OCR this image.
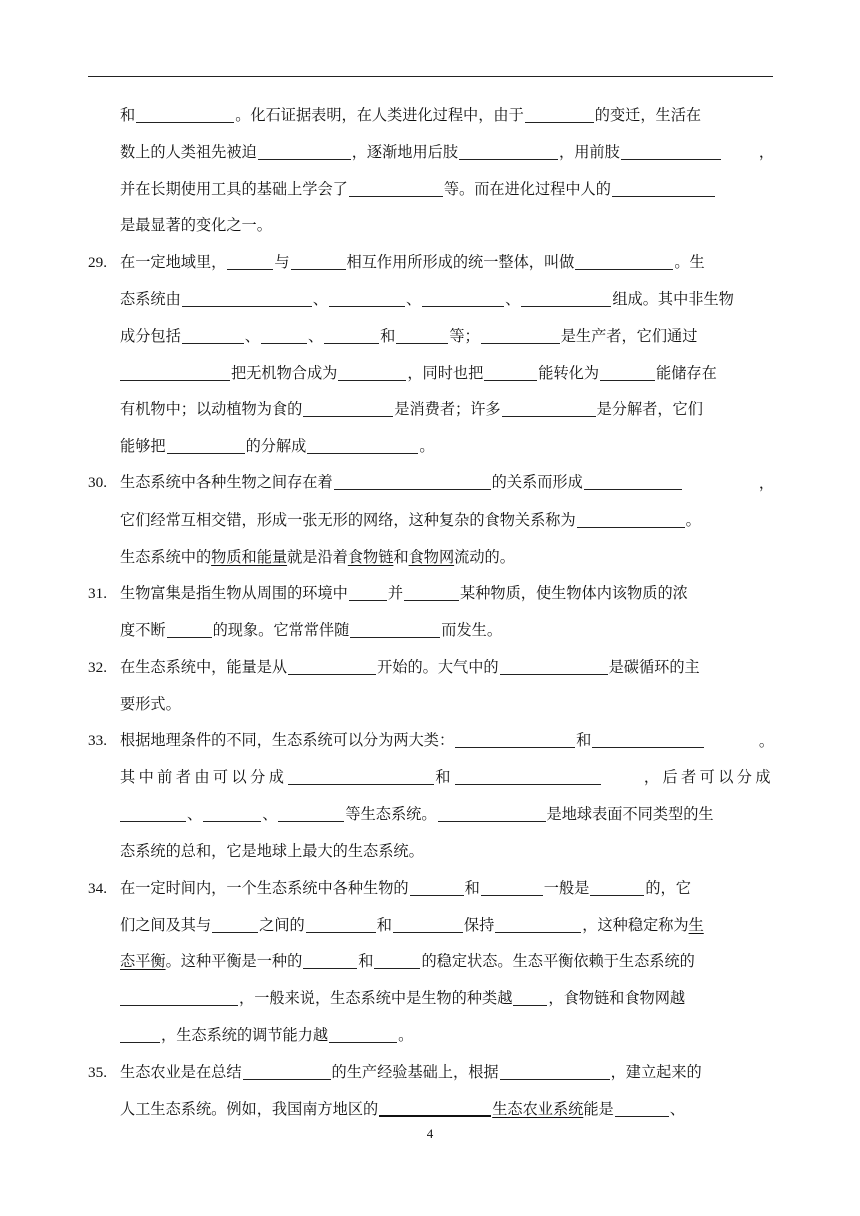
和	。化石证据表明，在人类进化过程中，由于	的变迁，生活在
数上的人类祖先被迫	，逐渐地用后肢	，用前肢	，
并在长期使用工具的基础上学会了	等。而在进化过程中人的
是最显著的变化之一。
29. 在一定地域里，	与	相互作用所形成的统一整体，叫做	。生
态系统由	、	、	、	组成。其中非生物
成分包括	、	、	和	等；	是生产者，它们通过
把无机物合成为	，同时也把	能转化为	能储存在
有机物中；以动植物为食的	是消费者；许多	是分解者，它们
能够把	的分解成	。
30. 生态系统中各种生物之间存在着	的关系而形成	，
它们经常互相交错，形成一张无形的网络，这种复杂的食物关系称为	。
生态系统中的物质和能量就是沿着食物链和食物网流动的。
31. 生物富集是指生物从周围的环境中	并	某种物质，使生物体内该物质的浓
度不断	的现象。它常常伴随	而发生。
32. 在生态系统中，能量是从	开始的。大气中的	是碳循环的主
要形式。
33. 根据地理条件的不同，生态系统可以分为两大类：	和	。
其中前者由可以分成	和	，后者可以分成
、	、	等生态系统。	是地球表面不同类型的生
态系统的总和，它是地球上最大的生态系统。
34. 在一定时间内，一个生态系统中各种生物的	和	一般是	的，它
们之间及其与	之间的	和	保持	，这种稳定称为生
态平衡。这种平衡是一种的	和	的稳定状态。生态平衡依赖于生态系统的
，一般来说，生态系统中是生物的种类越 ，食物链和食物网越
，生态系统的调节能力越	。
35. 生态农业是在总结	的生产经验基础上，根据	，建立起来的
人工生态系统。例如，我国南方地区的	生态农业系统能是	、
4
